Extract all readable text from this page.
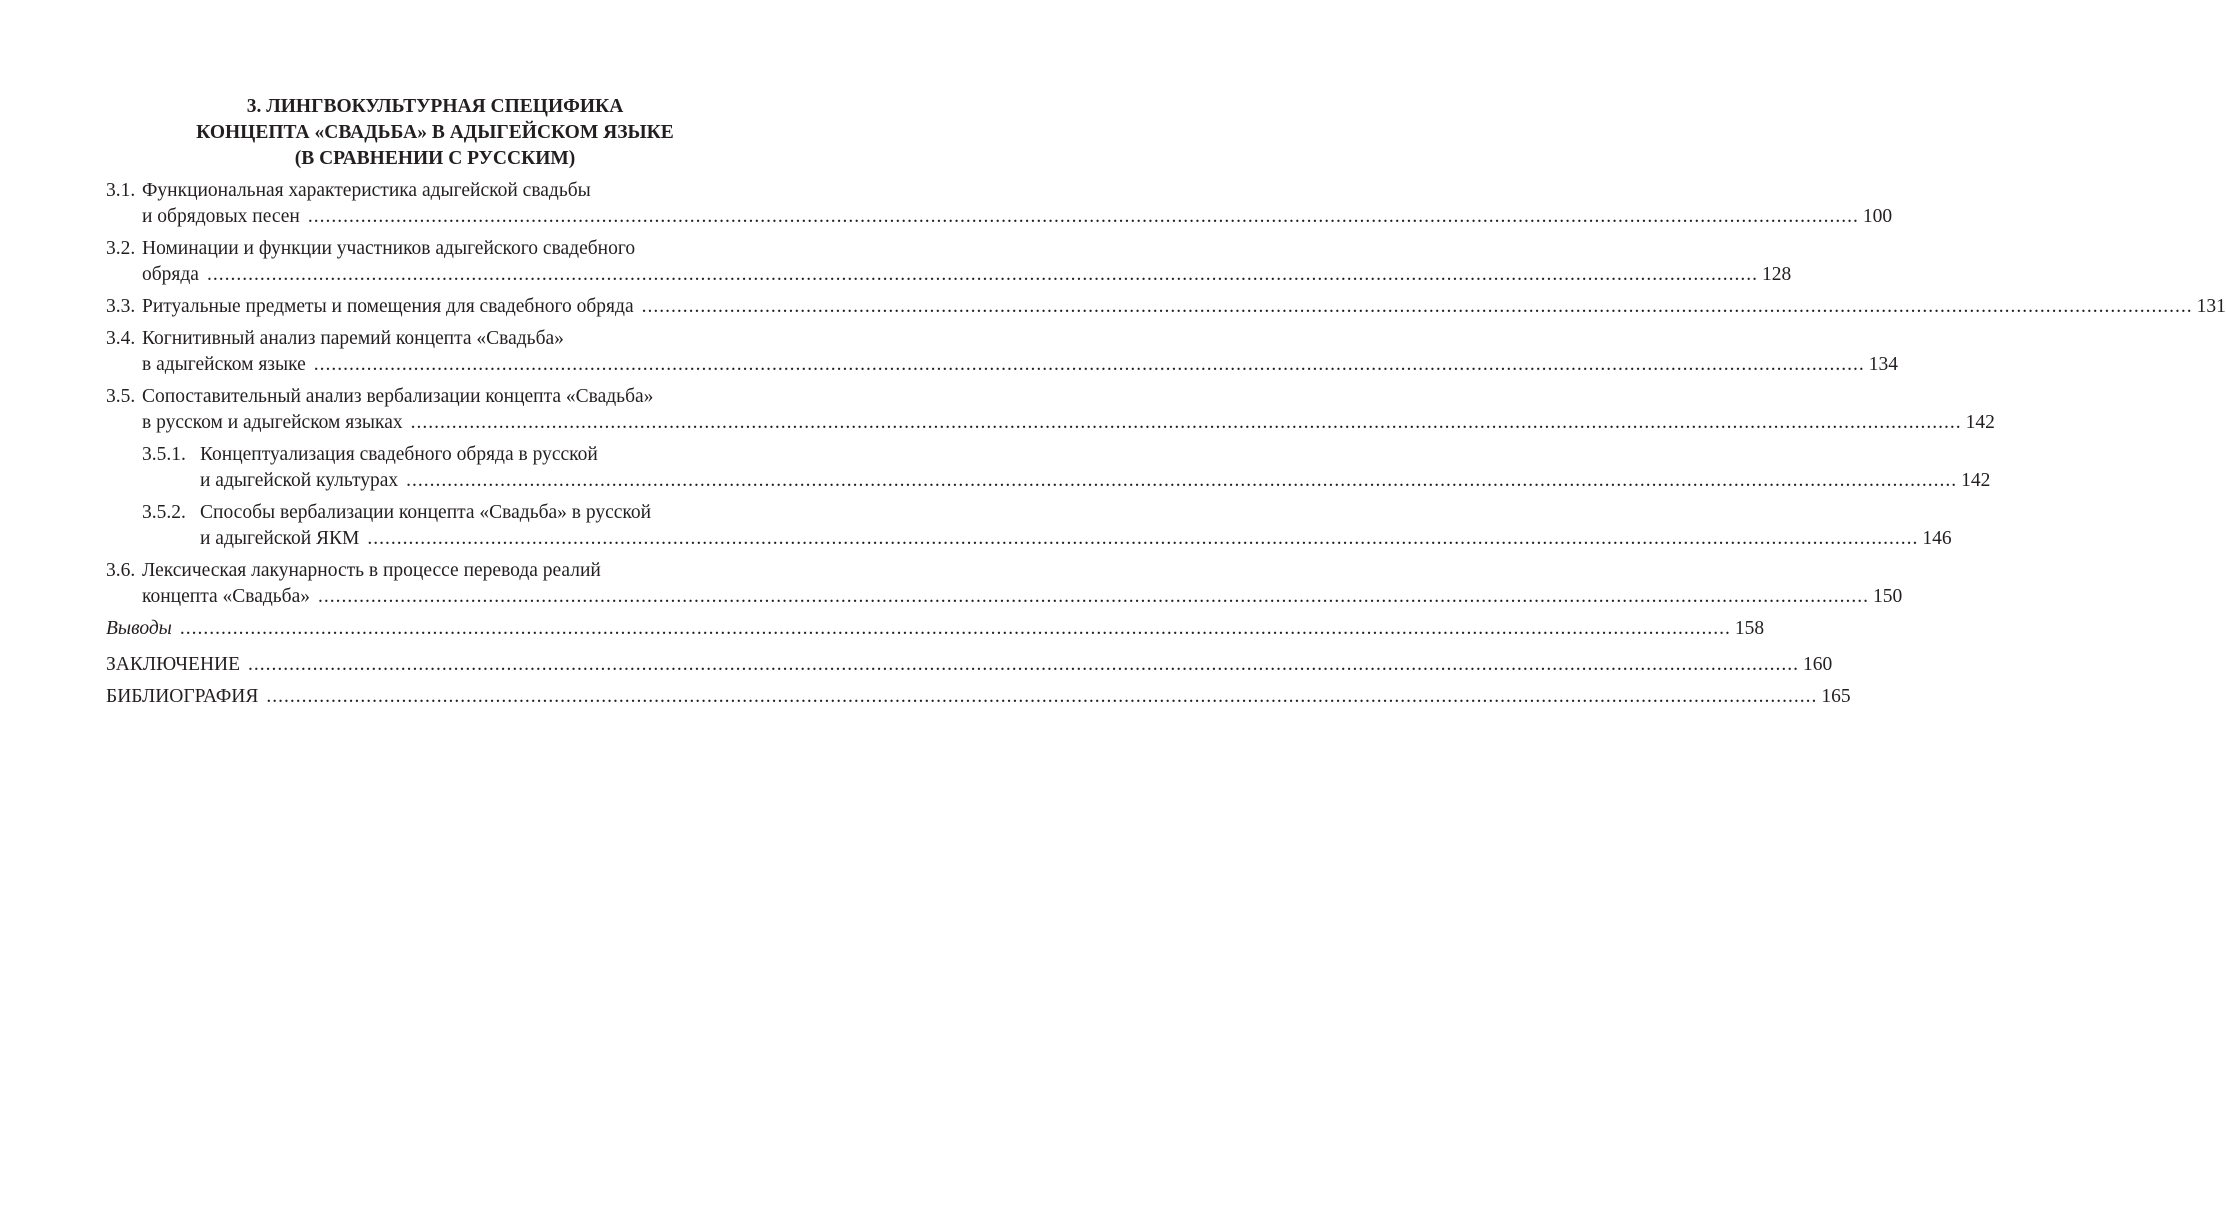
3. ЛИНГВОКУЛЬТУРНАЯ СПЕЦИФИКА
КОНЦЕПТА «СВАДЬБА» В АДЫГЕЙСКОМ ЯЗЫКЕ
(В СРАВНЕНИИ С РУССКИМ)
3.1. Функциональная характеристика адыгейской свадьбы
и обрядовых песен .....	100
3.2. Номинации и функции участников адыгейского свадебного
обряда .....	128
3.3. Ритуальные предметы и помещения для свадебного обряда .....	131
3.4. Когнитивный анализ паремий концепта «Свадьба»
в адыгейском языке .....	134
3.5. Сопоставительный анализ вербализации концепта «Свадьба»
в русском и адыгейском языках .....	142
3.5.1. Концептуализация свадебного обряда в русской
и адыгейской культурах .....	142
3.5.2. Способы вербализации концепта «Свадьба» в русской
и адыгейской ЯКМ .....	146
3.6. Лексическая лакунарность в процессе перевода реалий
концепта «Свадьба» .....	150
Выводы .....	158
ЗАКЛЮЧЕНИЕ .....	160
БИБЛИОГРАФИЯ .....	165
